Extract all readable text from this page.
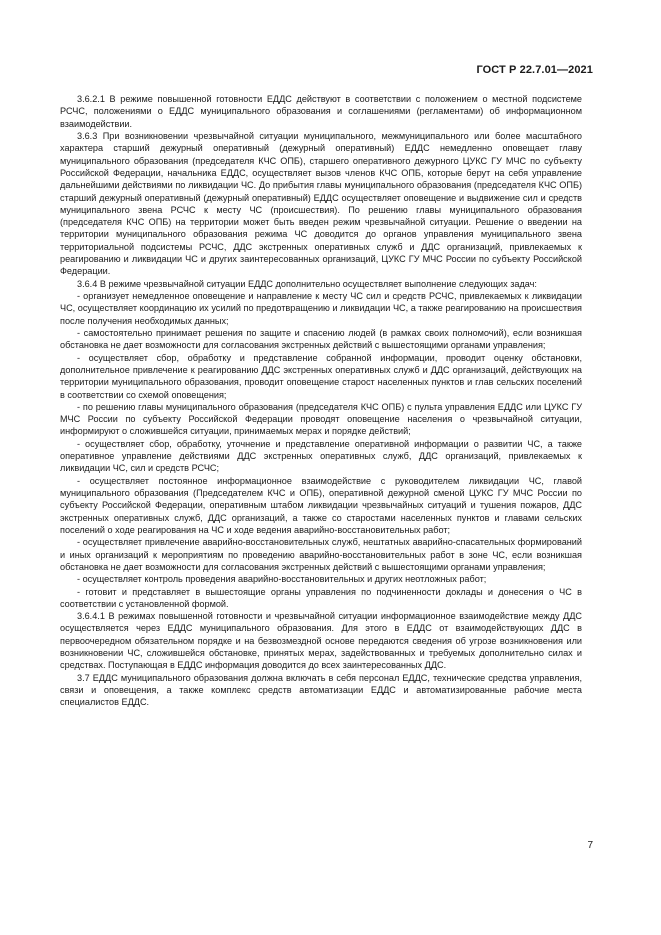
ГОСТ Р 22.7.01—2021

3.6.2.1 В режиме повышенной готовности ЕДДС действуют в соответствии с положением о местной подсистеме РСЧС, положениями о ЕДДС муниципального образования и соглашениями (регламентами) об информационном взаимодействии.

3.6.3 При возникновении чрезвычайной ситуации муниципального, межмуниципального или более масштабного характера старший дежурный оперативный (дежурный оперативный) ЕДДС немедленно оповещает главу муниципального образования (председателя КЧС ОПБ), старшего оперативного дежурного ЦУКС ГУ МЧС по субъекту Российской Федерации, начальника ЕДДС, осуществляет вызов членов КЧС ОПБ, которые берут на себя управление дальнейшими действиями по ликвидации ЧС. До прибытия главы муниципального образования (председателя КЧС ОПБ) старший дежурный оперативный (дежурный оперативный) ЕДДС осуществляет оповещение и выдвижение сил и средств муниципального звена РСЧС к месту ЧС (происшествия). По решению главы муниципального образования (председателя КЧС ОПБ) на территории может быть введен режим чрезвычайной ситуации. Решение о введении на территории муниципального образования режима ЧС доводится до органов управления муниципального звена территориальной подсистемы РСЧС, ДДС экстренных оперативных служб и ДДС организаций, привлекаемых к реагированию и ликвидации ЧС и других заинтересованных организаций, ЦУКС ГУ МЧС России по субъекту Российской Федерации.

3.6.4 В режиме чрезвычайной ситуации ЕДДС дополнительно осуществляет выполнение следующих задач:

- организует немедленное оповещение и направление к месту ЧС сил и средств РСЧС, привлекаемых к ликвидации ЧС, осуществляет координацию их усилий по предотвращению и ликвидации ЧС, а также реагированию на происшествия после получения необходимых данных;

- самостоятельно принимает решения по защите и спасению людей (в рамках своих полномочий), если возникшая обстановка не дает возможности для согласования экстренных действий с вышестоящими органами управления;

- осуществляет сбор, обработку и представление собранной информации, проводит оценку обстановки, дополнительное привлечение к реагированию ДДС экстренных оперативных служб и ДДС организаций, действующих на территории муниципального образования, проводит оповещение старост населенных пунктов и глав сельских поселений в соответствии со схемой оповещения;

- по решению главы муниципального образования (председателя КЧС ОПБ) с пульта управления ЕДДС или ЦУКС ГУ МЧС России по субъекту Российской Федерации проводят оповещение населения о чрезвычайной ситуации, информируют о сложившейся ситуации, принимаемых мерах и порядке действий;

- осуществляет сбор, обработку, уточнение и представление оперативной информации о развитии ЧС, а также оперативное управление действиями ДДС экстренных оперативных служб, ДДС организаций, привлекаемых к ликвидации ЧС, сил и средств РСЧС;

- осуществляет постоянное информационное взаимодействие с руководителем ликвидации ЧС, главой муниципального образования (Председателем КЧС и ОПБ), оперативной дежурной сменой ЦУКС ГУ МЧС России по субъекту Российской Федерации, оперативным штабом ликвидации чрезвычайных ситуаций и тушения пожаров, ДДС экстренных оперативных служб, ДДС организаций, а также со старостами населенных пунктов и главами сельских поселений о ходе реагирования на ЧС и ходе ведения аварийно-восстановительных работ;

- осуществляет привлечение аварийно-восстановительных служб, нештатных аварийно-спасательных формирований и иных организаций к мероприятиям по проведению аварийно-восстановительных работ в зоне ЧС, если возникшая обстановка не дает возможности для согласования экстренных действий с вышестоящими органами управления;

- осуществляет контроль проведения аварийно-восстановительных и других неотложных работ;

- готовит и представляет в вышестоящие органы управления по подчиненности доклады и донесения о ЧС в соответствии с установленной формой.

3.6.4.1 В режимах повышенной готовности и чрезвычайной ситуации информационное взаимодействие между ДДС осуществляется через ЕДДС муниципального образования. Для этого в ЕДДС от взаимодействующих ДДС в первоочередном обязательном порядке и на безвозмездной основе передаются сведения об угрозе возникновения или возникновении ЧС, сложившейся обстановке, принятых мерах, задействованных и требуемых дополнительно силах и средствах. Поступающая в ЕДДС информация доводится до всех заинтересованных ДДС.

3.7 ЕДДС муниципального образования должна включать в себя персонал ЕДДС, технические средства управления, связи и оповещения, а также комплекс средств автоматизации ЕДДС и автоматизированные рабочие места специалистов ЕДДС.

7
